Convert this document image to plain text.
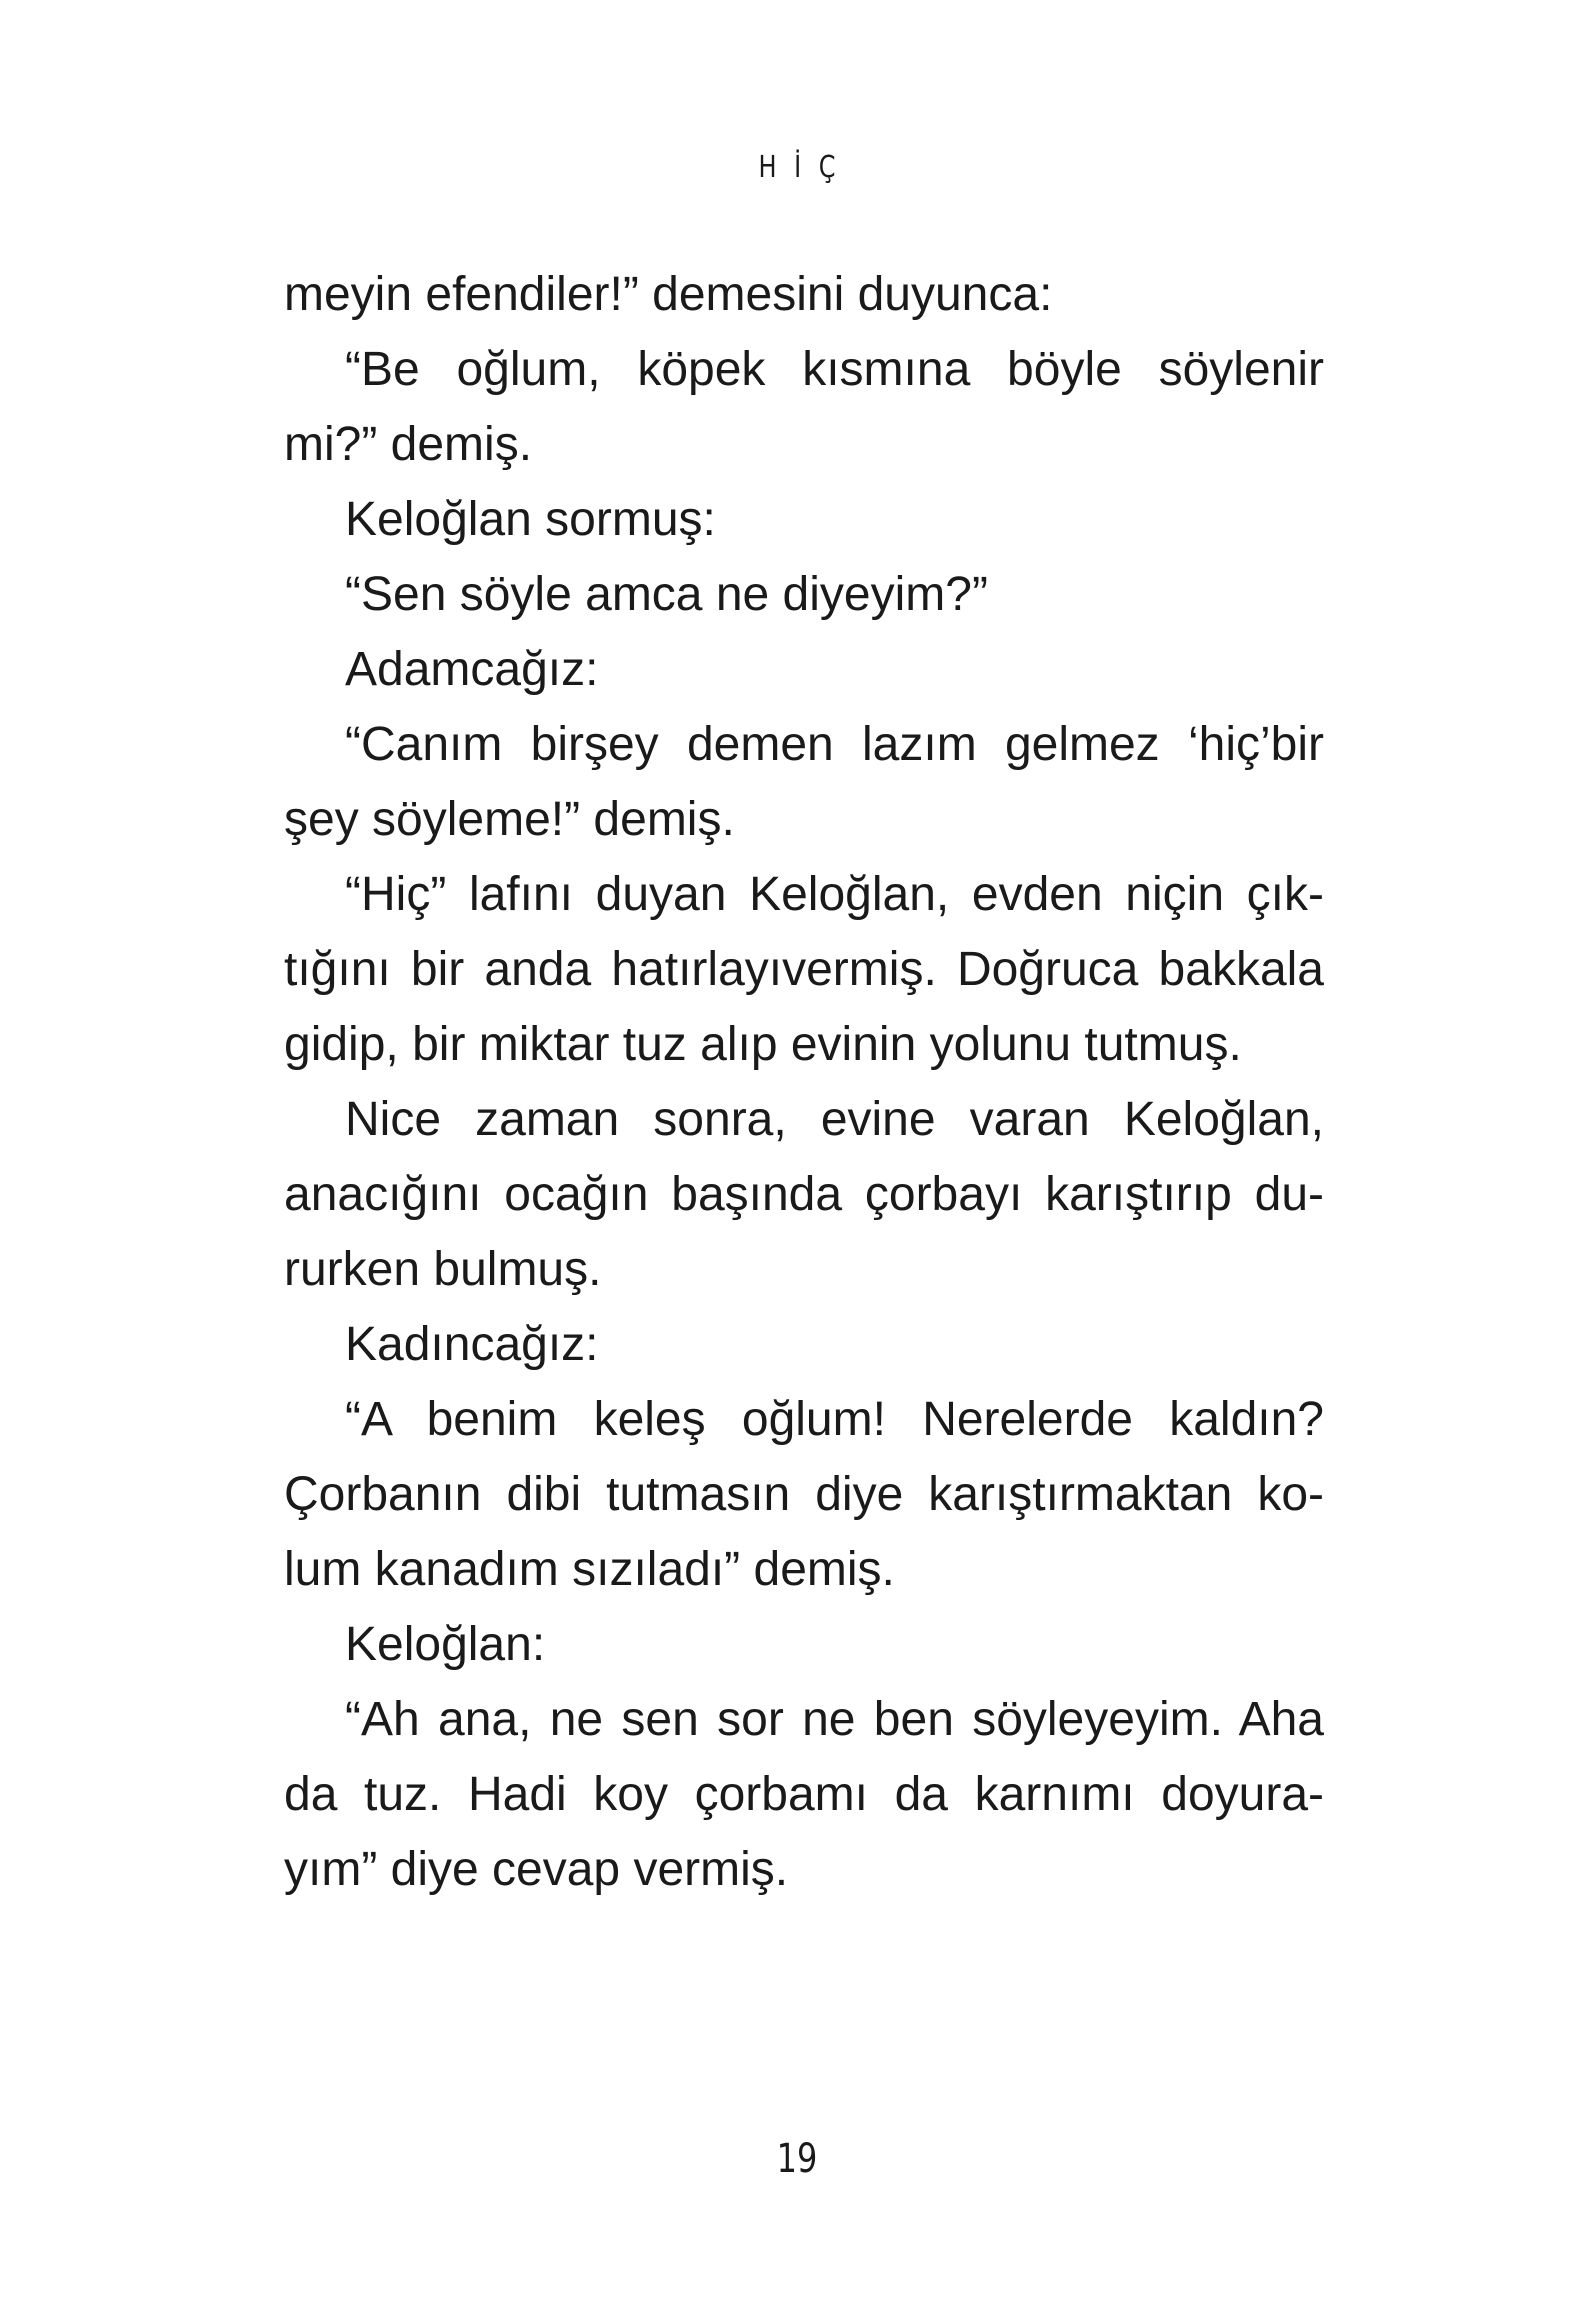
HİÇ
meyin efendiler!” demesini duyunca:
“Be oğlum, köpek kısmına böyle söylenir
mi?” demiş.
Keloğlan sormuş:
“Sen söyle amca ne diyeyim?”
Adamcağız:
“Canım birşey demen lazım gelmez ‘hiç’bir
şey söyleme!” demiş.
“Hiç” lafını duyan Keloğlan, evden niçin çık-
tığını bir anda hatırlayıvermiş. Doğruca bakkala
gidip, bir miktar tuz alıp evinin yolunu tutmuş.
Nice zaman sonra, evine varan Keloğlan,
anacığını ocağın başında çorbayı karıştırıp du-
rurken bulmuş.
Kadıncağız:
“A benim keleş oğlum! Nerelerde kaldın?
Çorbanın dibi tutmasın diye karıştırmaktan ko-
lum kanadım sızıladı” demiş.
Keloğlan:
“Ah ana, ne sen sor ne ben söyleyeyim. Aha
da tuz. Hadi koy çorbamı da karnımı doyura-
yım” diye cevap vermiş.
19
